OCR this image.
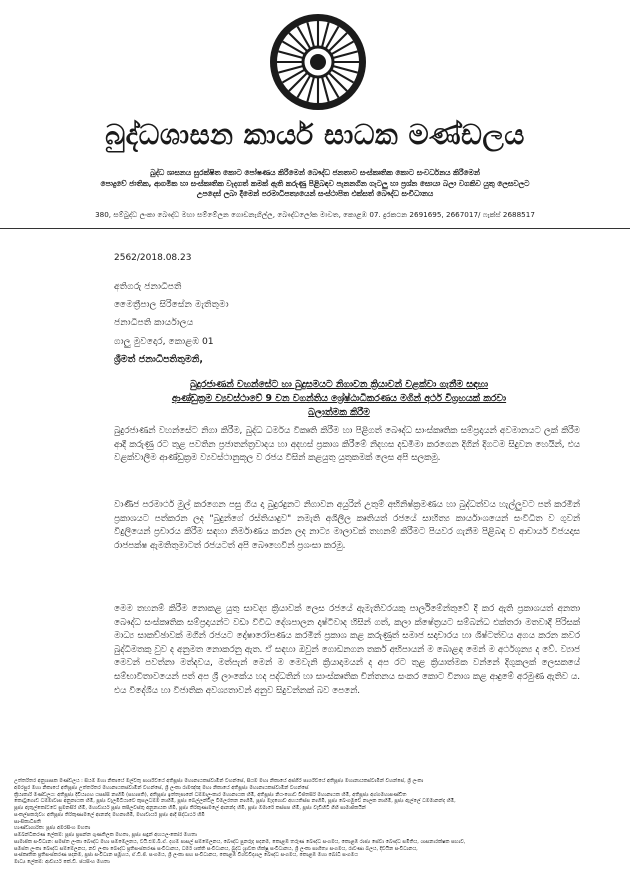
බුද්ධශාසන කාර්ය සාධක මණ්ඩලය
බුද්ධ ශාසනය සුරක්ෂිත කොට පෝෂණය කිරීමෙන් බෞද්ධ ජනතාව සංස්කෘතික කොට සංවර්ධනය කිරීමෙන්
පොදුවේ ජාතික, ආගමික හා සංස්කෘතික වැදගත් කමක් ඇති කරුණු පිළිබඳව පැනනගින ගැටලු හා ප්‍රශ්න සොයා බලා වගකිව යුතු ලෙසවලට
උපදෙස් ලබා දීමෙන් පරමාධිපත්‍යයෙන් සංස්ථාපිත එක්සත් බෞද්ධ සංවිධානය
380, සම්බුද්ධ ලංකා බෞද්ධ මහා සම්මේලන ගොඩනැගිල්ල, බෞද්ධලෝක මාවත, කොළඹ 07. දුරකථන 2691695, 2667017/ ෆැක්ස් 2688517
2562/2018.08.23
අතිගරු ජනාධිපති
මෛත්‍රීපාල සිරිසේන මැතිතුමා
ජනාධිපති කාර්යාලය
ගාලු මුවදොර, කොළඹ 01
ශ්‍රීමත් ජනාධිපතිතුමනි,
බුදුරජාණන් වහන්සේට හා බුදුසමයට නිගාවන ක්‍රියාවන් වළක්වා ගැනීම සඳහා
ආණ්ඩුක්‍රම ව්‍යවස්ථාවේ 9 වන වගන්තිය ශ්‍රේෂ්ඨාධිකරණය මගින් අර්ථ විග්‍රහයක් කරවා
බලාත්මක කිරීම
බුදුරජාණන් වහන්සේට නිගා කිරීම, බුද්ධ ධර්මය විකෘති කිරීම හා පිළිගත් බෞද්ධ සාංස්කෘතික සම්ප්‍රදායන් අවමානයට ලක් කිරීම ආදී කරුණු රට තුළ පවතින ප්‍රජාතන්ත්‍රවාදය හා අදහස් ප්‍රකාශ කිරීමේ නිදහස දඩමීමා කරගෙන දිගින් දිගටම සිදුවන හෙයින්, එය වළක්වාලීම ආණ්ඩුක්‍රම ව්‍යවස්ථානුකූල ව රජය විසින් කළයුතු යුතුකමක් ලෙස අපි සලකමු.
වාණිජ පරමාර්ථ මුල් කරගෙන පසු ගිය දා බුදුරදුනට නිගාවන අයුරින් උතුම් අභිනිෂ්ක්‍රමණය හා බුද්ධත්වය හැල්ලුවට පත් කරමින් ප්‍රකාශයට පත්කරන ලද "බුදුන්ගේ රස්තියාදුව" නමැති අශිලීල කෘතියත් රජයේ සාහිත්‍ය කාර්යාංශයෙන් සංවිධිත ව ගුවන් විදුලියෙන් ප්‍රචාරය කිරීම සඳහා නිර්මාණය කරන ලද නාට්‍ය මාලාවක් තහනම් කිරීමට පියවර ගැනීම පිළිබඳ ව ආචාර්ය විජයදාස රාජපක්ෂ ඇමතිතුමාටත් රජයටත් අපි බෞහෙවින් ප්‍රශංසා කරමු.
මෙම තහනම් කිරීම නොකළ යුතු සාවද්‍ය ක්‍රියාවක් ලෙස රජයේ ඇමැතිවරයකු පාර්ලිමේන්තුවේ දී කර ඇති ප්‍රකාශයත් අනතා බෞද්ධ සංස්කෘතික සම්ප්‍රදායන්ට වඩා විවිධ දේශපාලන දෘෂ්ටිවාද හිසින් ගත්, කලා ක්ෂේත්‍රයට සම්බන්ධ එක්තරා මතවාදී පිරිසක් මාධ්‍ය සාකච්ඡාවක් මගින් රජයට දෝෂාරෝපණය කරමින් ප්‍රකාශ කළ කරුණුත් සමාජ සදාචාරය හා ශිෂ්ටත්වය අගය කරන කවර බුද්ධිමතකු වුව ද අනුමත නොකරනු ඇත. ඒ සඳහා ඔවුන් ගොඩනගන තර්ක අභිපායන් ම බොළඳ මෙන් ම අර්ථශූන්‍ය ද වේ. ව්‍යාජ මෙවන් පවත්නා මත්දවය, මත්පැන් මෙන් ම මෙවැනි ක්‍රියාදාමයන් ද අප රට තුළ ක්‍රියාත්මක වන්නේ දිගුකලක් ලෙසකයේ සම්භාවිතාවයෙන් පත් අප ශ්‍රී ලාංකේය හද පද්ධතින් හා සාංස්කෘතික චින්තනය සංකර කොට විනාශ කළ ආදුමේ අරමුණ ඇතිව ය. එය විදේශීය හා විජාතික අවශ්‍යතාවන් අනුව සිදුවන්නක් බව පෙනේ.
උත්තරීතර අනුශාසක මණ්ඩලය : සියම් මහා නිකායේ මල්වතු පාර්ශ්වයේ අතිපූජ්‍ය මහානායකස්වාමීන් වහන්සේ, සියම් මහා නිකායේ අස්ගිරි පාර්ශ්වයේ අතිපූජ්‍ය මහානායකස්වාමීන් වහන්සේ, ශ්‍රී ලංකා
අමරපුර මහා නිකායේ අතිපූජ්‍ය උත්තරීතර මහානායකස්වාමීන් වහන්සේ, ශ්‍රී ලංකා රාමඤ්ඤ මහා නිකායේ අතිපූජ්‍ය මහානායකස්වාමීන් වහන්සේ
ක්‍රියාකාරී මණ්ඩලය: අතිපූජ්‍ය දිවියාගහ යසස්සි නාහිමි (සභාපති), අතිපූජ්‍ය ඉත්තෑපානේ ධම්මාලංකාර මහානායක හිමි, අතිපූජ්‍ය නියංගොඩ විජිතසිරි මහානායක හිමි, අතිපූජ්‍ය අග්ගමහාපණ්ඩිත
කොටුගොඩ ධම්මාවාස අනුනායක හිමි, පූජ්‍ය වැලමිටියාවේ කුසලධම්ම නාහිමි, පූජ්‍ය බෙල්ලන්විල විමලරතන නාහිමි, පූජ්‍ය මැදගොඩ අභයතිස්ස නාහිමි, පූජ්‍ය බෙංගමුවේ නාලක නාහිමි, පූජ්‍ය ඇල්ලේ ධම්මානන්ද හිමි,
පූජ්‍ය ඇතුල්කෝට්ටේ සුමනසිරි හිමි, මහාචාර්ය පූජ්‍ය කපිලවස්තු අනුනායක හිමි, පූජ්‍ය තිරිකුණාමලේ ආනන්ද හිමි, පූජ්‍ය ඕමාරේ කස්සප හිමි, පූජ්‍ය වැඩිහිටි ගිහි සාමාජිකයින්
සංකල්පකරුවා: අතිපූජ්‍ය තිරිකුණාමලේ ආනන්ද මහනාහිමි, මහාචාර්ය පූජ්‍ය ආදී සිද්ධාර්ථ හිමි
සාංඝිකාධිපති
භාණ්ඩාගාරික: පූජ්‍ය අමරසිංහ මහතා
සම්බන්ධීකරණ ලේකම්: පූජ්‍ය ප්‍රසන්න ගුණතිලක මහතා, පූජ්‍ය සඳුන් අභයලංකෝර මහතා
සාමාජික සංවිධාන: සමස්ත ලංකා බෞද්ධ මහා සම්මේලනය, වයි.එම්.බී.ඒ. දහම් පාසල් සම්මේලනය, බෞද්ධ පුනරුද පදනම, කොළඹ තරුණ බෞද්ධ සංගමය, කොළඹ රාජ්‍ය සේවා බෞද්ධ සමිතිය, ශාසනාරක්ෂක සභාව,
සමස්ත ලංකා බෞද්ධ සම්මේලනය, නව ලංකා බෞද්ධ ප්‍රතිසංස්කරණ සංවිධානය, ධර්ම ශක්ති සංවිධානය, බුද්ධ ශ්‍රාවක භික්ෂු සංවිධානය, ශ්‍රී ලංකා සාහිත්‍ය සංගමය, රාවණා බලය, දිවයින සංවිධානය,
සංස්කෘතික ප්‍රතිසංස්කරණ පදනම, ප්‍රජා සංවිධාන සමූහය, ඒ.ඩී.ජී. සංගමය, ශ්‍රී ලංකා සඟ සංවිධානය, කොළඹ විශ්වවිද්‍යාල බෞද්ධ සංගමය, කොළඹ මහා බෝධි සංගමය
මාධ්‍ය ලේකම්: ආචාර්ය කේ.ඩී. ජයසිංහ මහතා
